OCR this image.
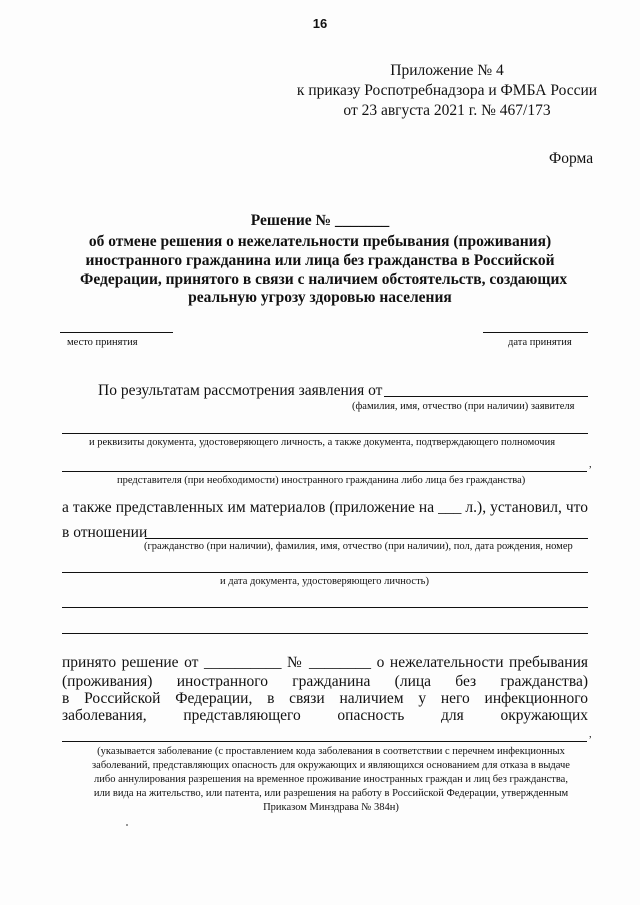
16
Приложение № 4
к приказу Роспотребнадзора и ФМБА России
от 23 августа 2021 г. № 467/173
Форма
Решение № _______
об отмене решения о нежелательности пребывания (проживания)
иностранного гражданина или лица без гражданства в Российской
Федерации, принятого в связи с наличием обстоятельств, создающих
реальную угрозу здоровью населения
место принятия	дата принятия
По результатам рассмотрения заявления от
(фамилия, имя, отчество (при наличии) заявителя
и реквизиты документа, удостоверяющего личность, а также документа, подтверждающего полномочия
,
представителя (при необходимости) иностранного гражданина либо лица без гражданства)
а также представленных им материалов (приложение на ___ л.), установил, что
в отношении
(гражданство (при наличии), фамилия, имя, отчество (при наличии), пол, дата рождения, номер
и дата документа, удостоверяющего личность)
принято решение от __________ № ________ о нежелательности пребывания
(проживания) иностранного гражданина (лица без гражданства)
в Российской Федерации, в связи наличием у него инфекционного
заболевания, представляющего опасность для окружающих
,
(указывается заболевание (с проставлением кода заболевания в соответствии с перечнем инфекционных
заболеваний, представляющих опасность для окружающих и являющихся основанием для отказа в выдаче
либо аннулирования разрешения на временное проживание иностранных граждан и лиц без гражданства,
или вида на жительство, или патента, или разрешения на работу в Российской Федерации, утвержденным
Приказом Минздрава № 384н)
